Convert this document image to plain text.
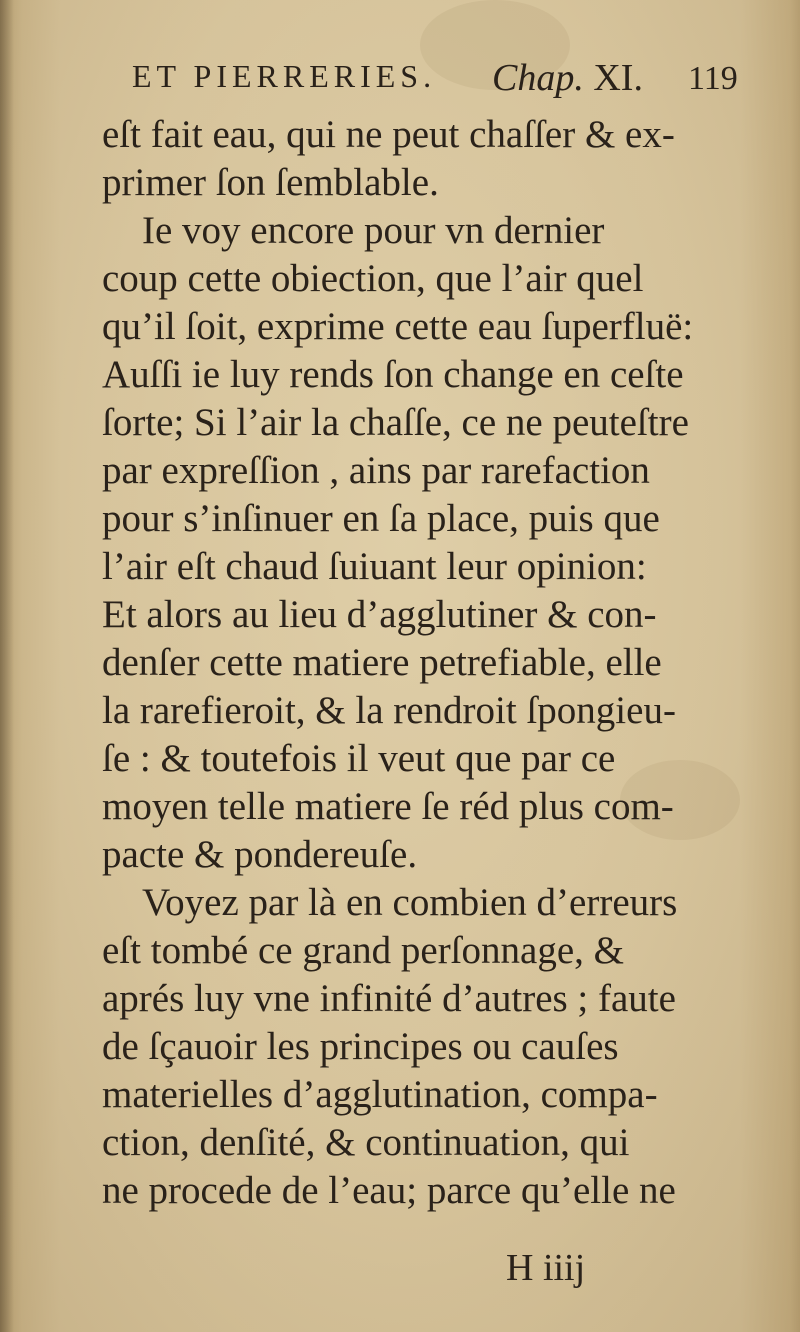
ET PIERRERIES. Chap. XI. 119
eſt fait eau, qui ne peut chaſſer & ex-
primer ſon ſemblable.
Ie voy encore pour vn dernier
coup cette obiection, que l’air quel
qu’il ſoit, exprime cette eau ſuperfluë:
Auſſi ie luy rends ſon change en ceſte
ſorte; Si l’air la chaſſe, ce ne peuteſtre
par expreſſion , ains par rarefaction
pour s’inſinuer en ſa place, puis que
l’air eſt chaud ſuiuant leur opinion:
Et alors au lieu d’agglutiner & con-
denſer cette matiere petrefiable, elle
la rarefieroit, & la rendroit ſpongieu-
ſe : & toutefois il veut que par ce
moyen telle matiere ſe réd plus com-
pacte & pondereuſe.
Voyez par là en combien d’erreurs
eſt tombé ce grand perſonnage, &
aprés luy vne infinité d’autres ; faute
de ſçauoir les principes ou cauſes
materielles d’agglutination, compa-
ction, denſité, & continuation, qui
ne procede de l’eau; parce qu’elle ne
H iiij
